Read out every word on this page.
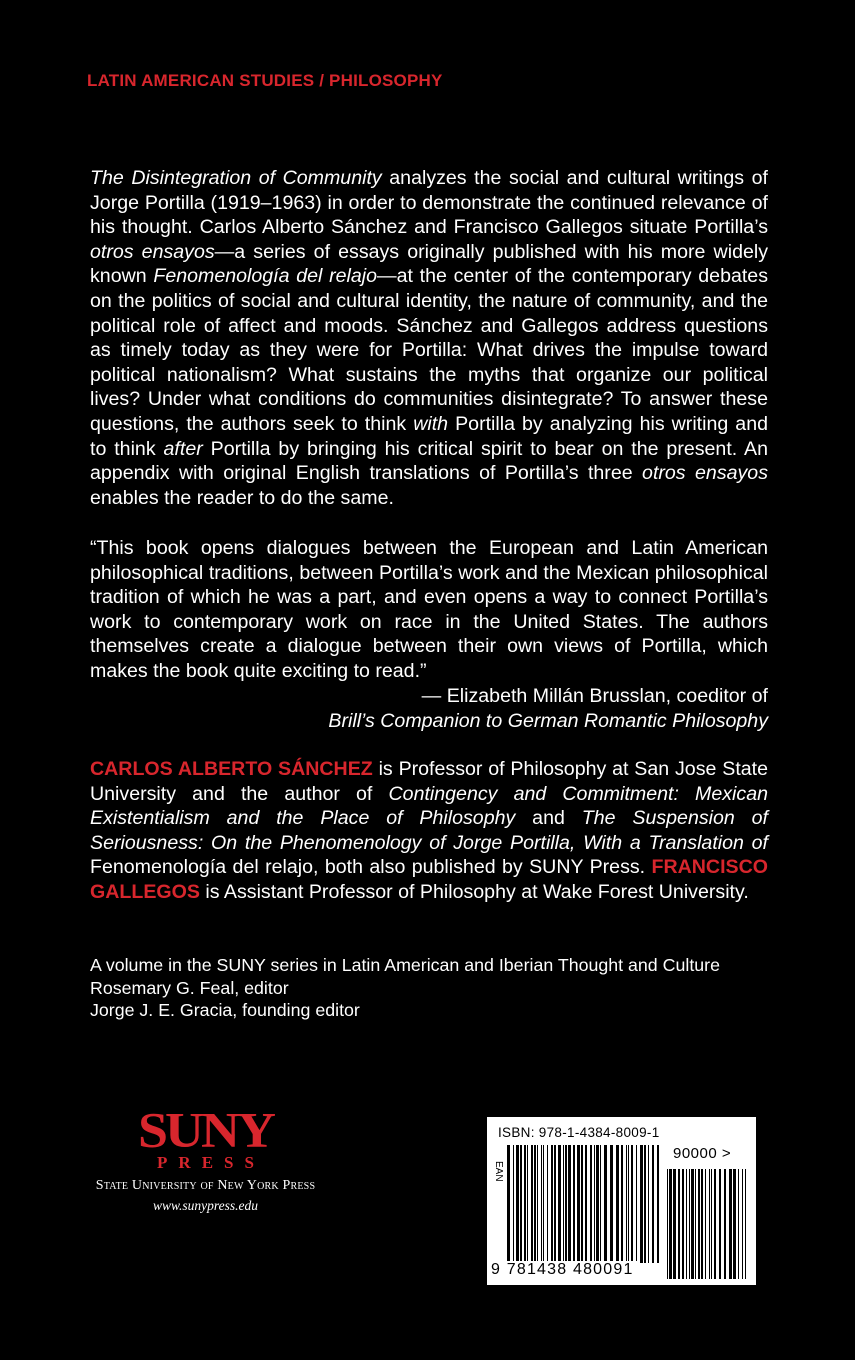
LATIN AMERICAN STUDIES / PHILOSOPHY

The Disintegration of Community analyzes the social and cultural writings of Jorge Portilla (1919–1963) in order to demonstrate the continued relevance of his thought. Carlos Alberto Sánchez and Francisco Gallegos situate Portilla’s otros ensayos—a series of essays originally published with his more widely known Fenomenología del relajo—at the center of the contemporary debates on the politics of social and cultural identity, the nature of community, and the political role of affect and moods. Sánchez and Gallegos address questions as timely today as they were for Portilla: What drives the impulse toward political nationalism? What sustains the myths that organize our political lives? Under what conditions do communities disintegrate? To answer these questions, the authors seek to think with Portilla by analyzing his writing and to think after Portilla by bringing his critical spirit to bear on the present. An appendix with original English translations of Portilla’s three otros ensayos enables the reader to do the same.

“This book opens dialogues between the European and Latin American philosophical traditions, between Portilla’s work and the Mexican philosophical tradition of which he was a part, and even opens a way to connect Portilla’s work to contemporary work on race in the United States. The authors themselves create a dialogue between their own views of Portilla, which makes the book quite exciting to read.”

— Elizabeth Millán Brusslan, coeditor of
Brill’s Companion to German Romantic Philosophy

CARLOS ALBERTO SÁNCHEZ is Professor of Philosophy at San Jose State University and the author of Contingency and Commitment: Mexican Existentialism and the Place of Philosophy and The Suspension of Seriousness: On the Phenomenology of Jorge Portilla, With a Translation of Fenomenología del relajo, both also published by SUNY Press. FRANCISCO GALLEGOS is Assistant Professor of Philosophy at Wake Forest University.

A volume in the SUNY series in Latin American and Iberian Thought and Culture
Rosemary G. Feal, editor
Jorge J. E. Gracia, founding editor
SUNY
PRESS
State University of New York Press
www.sunypress.edu
ISBN: 978-1-4384-8009-1
EAN
90000 >
9 781438 480091
